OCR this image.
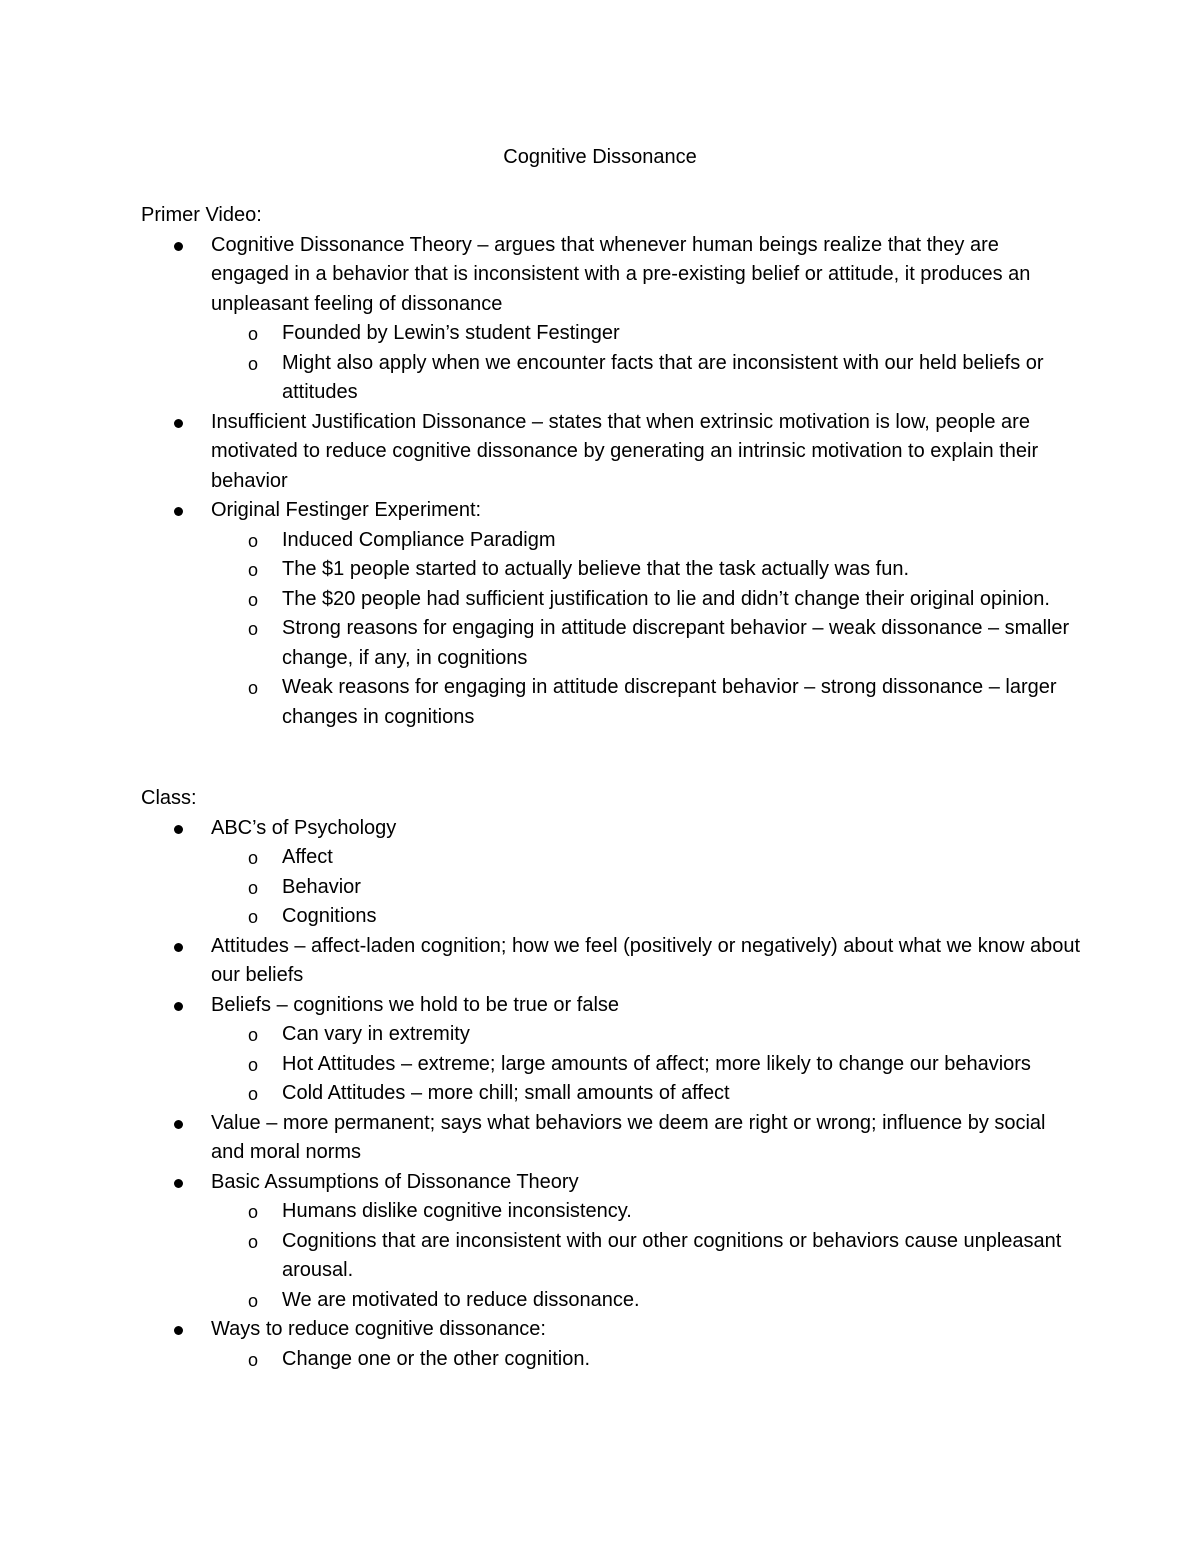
Cognitive Dissonance

Primer Video:

Cognitive Dissonance Theory – argues that whenever human beings realize that they are engaged in a behavior that is inconsistent with a pre-existing belief or attitude, it produces an unpleasant feeling of dissonance
o Founded by Lewin’s student Festinger
o Might also apply when we encounter facts that are inconsistent with our held beliefs or attitudes
Insufficient Justification Dissonance – states that when extrinsic motivation is low, people are motivated to reduce cognitive dissonance by generating an intrinsic motivation to explain their behavior
Original Festinger Experiment:
o Induced Compliance Paradigm
o The $1 people started to actually believe that the task actually was fun.
o The $20 people had sufficient justification to lie and didn’t change their original opinion.
o Strong reasons for engaging in attitude discrepant behavior – weak dissonance – smaller change, if any, in cognitions
o Weak reasons for engaging in attitude discrepant behavior – strong dissonance – larger changes in cognitions

Class:

ABC’s of Psychology
o Affect
o Behavior
o Cognitions
Attitudes – affect-laden cognition; how we feel (positively or negatively) about what we know about our beliefs
Beliefs – cognitions we hold to be true or false
o Can vary in extremity
o Hot Attitudes – extreme; large amounts of affect; more likely to change our behaviors
o Cold Attitudes – more chill; small amounts of affect
Value – more permanent; says what behaviors we deem are right or wrong; influence by social and moral norms
Basic Assumptions of Dissonance Theory
o Humans dislike cognitive inconsistency.
o Cognitions that are inconsistent with our other cognitions or behaviors cause unpleasant arousal.
o We are motivated to reduce dissonance.
Ways to reduce cognitive dissonance:
o Change one or the other cognition.
